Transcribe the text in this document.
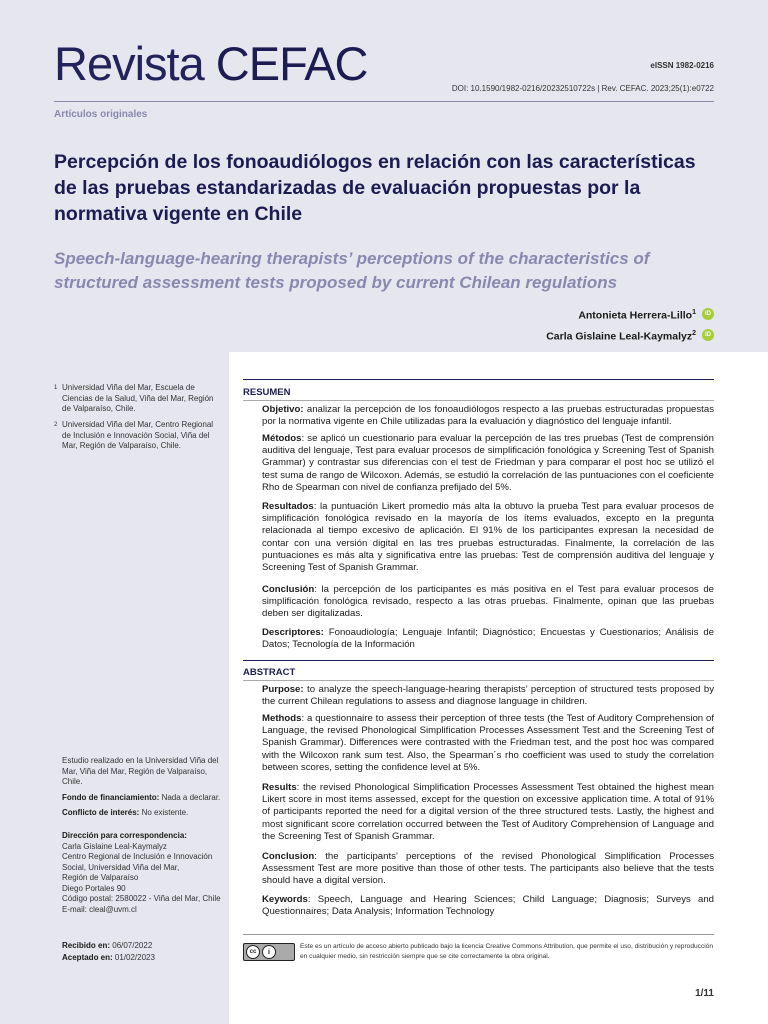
Revista CEFAC	eISSN 1982-0216
DOI: 10.1590/1982-0216/20232510722s | Rev. CEFAC. 2023;25(1):e0722
Artículos originales
Percepción de los fonoaudiólogos en relación con las características de las pruebas estandarizadas de evaluación propuestas por la normativa vigente en Chile
Speech-language-hearing therapists’ perceptions of the characteristics of structured assessment tests proposed by current Chilean regulations
Antonieta Herrera-Lillo$^1$	iD
Carla Gislaine Leal-Kaymalyz$^2$	iD
1 Universidad Viña del Mar, Escuela de Ciencias de la Salud, Viña del Mar, Región de Valparaíso, Chile.
2 Universidad Viña del Mar, Centro Regional de Inclusión e Innovación Social, Viña del Mar, Región de Valparaíso, Chile.
Estudio realizado en la Universidad Viña del Mar, Viña del Mar, Región de Valparaíso, Chile.
Fondo de financiamiento: Nada a declarar.
Conflicto de interés: No existente.
Dirección para correspondencia:
Carla Gislaine Leal-Kaymalyz
Centro Regional de Inclusión e Innovación Social, Universidad Viña del Mar,
Región de Valparaíso
Diego Portales 90
Código postal: 2580022 - Viña del Mar, Chile
E-mail: cleal@uvm.cl
Recibido en: 06/07/2022
Aceptado en: 01/02/2023
RESUMEN

Objetivo: analizar la percepción de los fonoaudiólogos respecto a las pruebas estructuradas propuestas por la normativa vigente en Chile utilizadas para la evaluación y diagnóstico del lenguaje infantil.

Métodos: se aplicó un cuestionario para evaluar la percepción de las tres pruebas (Test de comprensión auditiva del lenguaje, Test para evaluar procesos de simplificación fonológica y Screening Test of Spanish Grammar) y contrastar sus diferencias con el test de Friedman y para comparar el post hoc se utilizó el test suma de rango de Wilcoxon. Además, se estudió la correlación de las puntuaciones con el coeficiente Rho de Spearman con nivel de confianza prefijado del 5%.

Resultados: la puntuación Likert promedio más alta la obtuvo la prueba Test para evaluar procesos de simplificación fonológica revisado en la mayoría de los ítems evaluados, excepto en la pregunta relacionada al tiempo excesivo de aplicación. El 91% de los participantes expresan la necesidad de contar con una versión digital en las tres pruebas estructuradas. Finalmente, la correlación de las puntuaciones es más alta y significativa entre las pruebas: Test de comprensión auditiva del lenguaje y Screening Test of Spanish Grammar.

Conclusión: la percepción de los participantes es más positiva en el Test para evaluar procesos de simplificación fonológica revisado, respecto a las otras pruebas. Finalmente, opinan que las pruebas deben ser digitalizadas.

Descriptores: Fonoaudiología; Lenguaje Infantil; Diagnóstico; Encuestas y Cuestionarios; Análisis de Datos; Tecnología de la Información

ABSTRACT

Purpose: to analyze the speech-language-hearing therapists’ perception of structured tests proposed by the current Chilean regulations to assess and diagnose language in children.

Methods: a questionnaire to assess their perception of three tests (the Test of Auditory Comprehension of Language, the revised Phonological Simplification Processes Assessment Test and the Screening Test of Spanish Grammar). Differences were contrasted with the Friedman test, and the post hoc was compared with the Wilcoxon rank sum test. Also, the Spearman´s rho coefficient was used to study the correlation between scores, setting the confidence level at 5%.

Results: the revised Phonological Simplification Processes Assessment Test obtained the highest mean Likert score in most items assessed, except for the question on excessive application time. A total of 91% of participants reported the need for a digital version of the three structured tests. Lastly, the highest and most significant score correlation occurred between the Test of Auditory Comprehension of Language and the Screening Test of Spanish Grammar.

Conclusion: the participants’ perceptions of the revised Phonological Simplification Processes Assessment Test are more positive than those of other tests. The participants also believe that the tests should have a digital version.

Keywords: Speech, Language and Hearing Sciences; Child Language; Diagnosis; Surveys and Questionnaires; Data Analysis; Information Technology

cc	i
Este es un artículo de acceso abierto publicado bajo la licencia Creative Commons Attribution, que permite el uso, distribución y reproducción en cualquier medio, sin restricción siempre que se cite correctamente la obra original.
1/11
